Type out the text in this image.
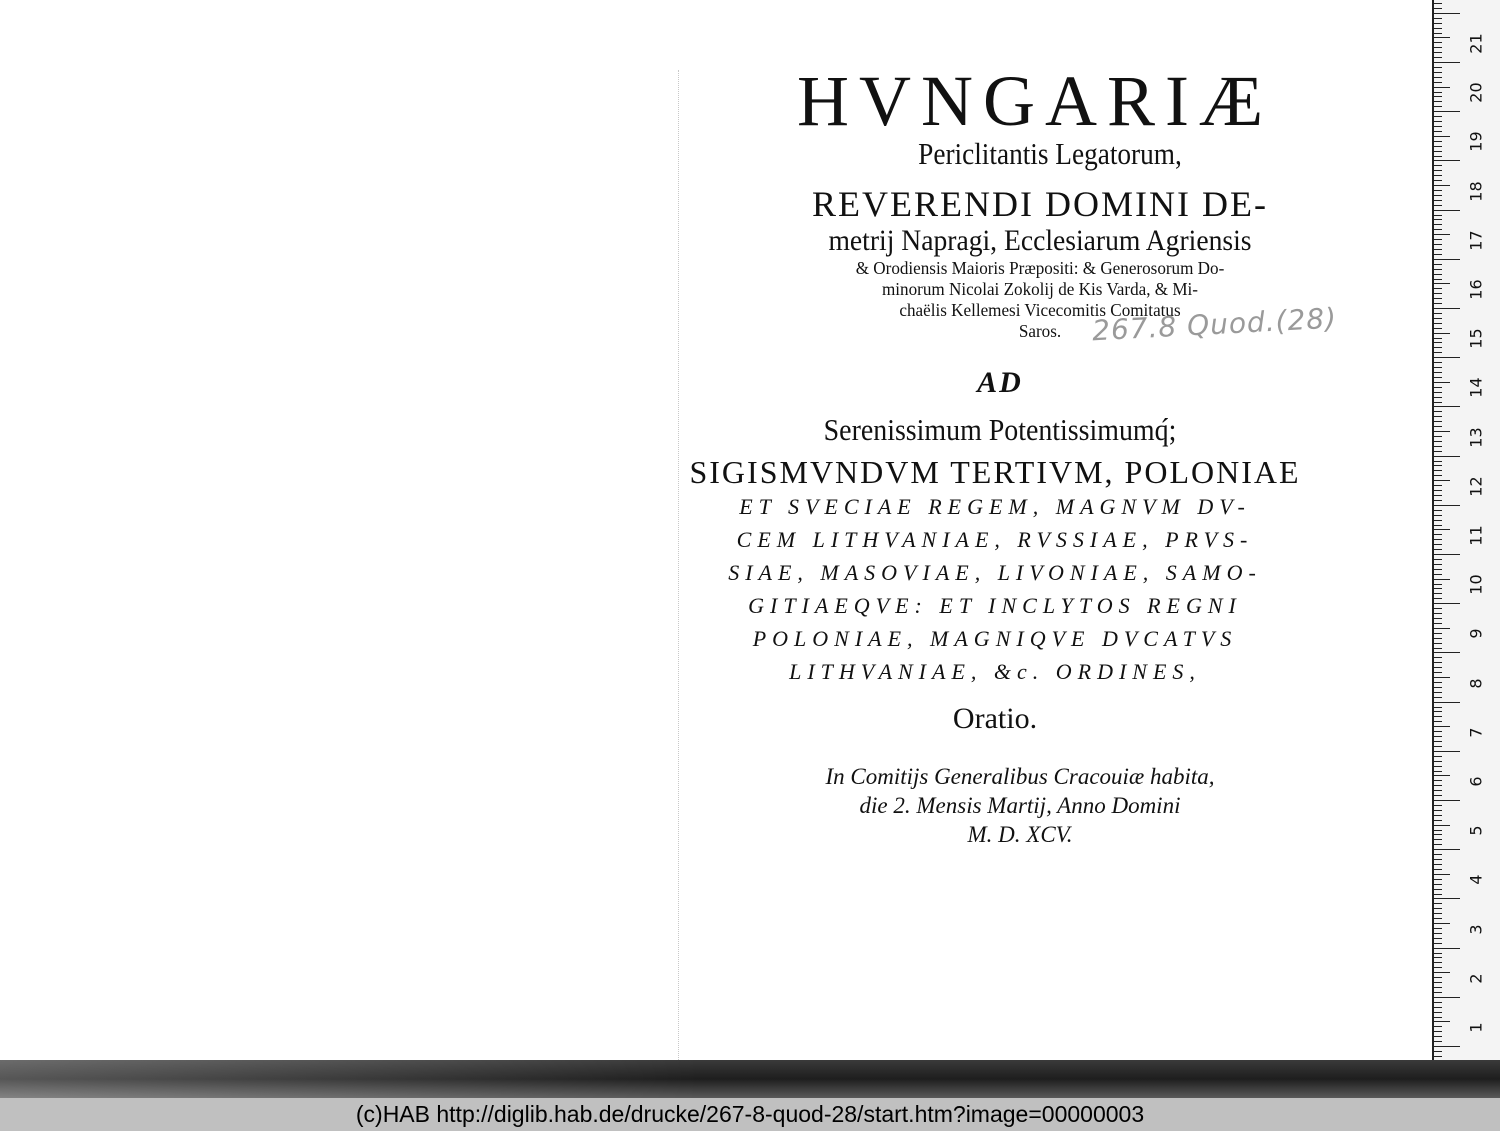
HVNGARIÆ
Periclitantis Legatorum,
REVERENDI DOMINI DE-
metrij Napragi, Ecclesiarum Agriensis
& Orodiensis Maioris Præpositi: & Generosorum Do-
minorum Nicolai Zokolij de Kis Varda, & Mi-
chaëlis Kellemesi Vicecomitis Comitatus
Saros.
AD
Serenissimum Potentissimumq́;
SIGISMVNDVM TERTIVM, POLONIAE
ET SVECIAE REGEM, MAGNVM DV-
CEM LITHVANIAE, RVSSIAE, PRVS-
SIAE, MASOVIAE, LIVONIAE, SAMO-
GITIAEQVE: ET INCLYTOS REGNI
POLONIAE, MAGNIQVE DVCATVS
LITHVANIAE, &c. ORDINES,
Oratio.
In Comitijs Generalibus Cracouiæ habita,
die 2. Mensis Martij, Anno Domini
M. D. XCV.
267.8 Quod.(28)
1
2
3
4
5
6
7
8
9
10
11
12
13
14
15
16
17
18
19
20
21
(c)HAB http://diglib.hab.de/drucke/267-8-quod-28/start.htm?image=00000003
